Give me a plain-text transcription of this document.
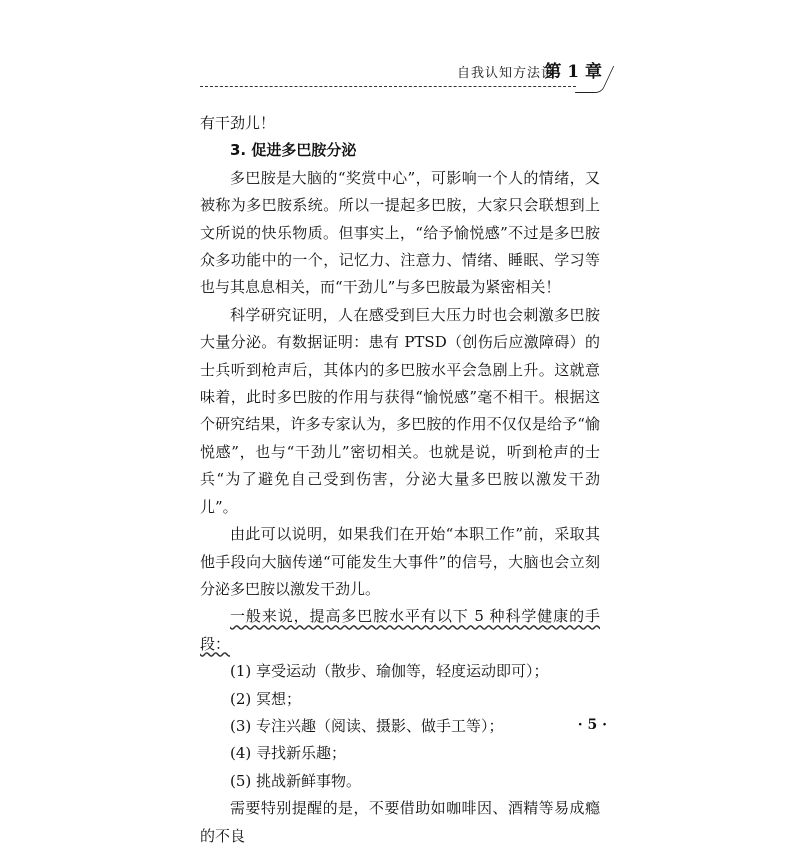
自我认知方法论
第 1 章

有干劲儿！

3. 促进多巴胺分泌

多巴胺是大脑的“奖赏中心”，可影响一个人的情绪，又被称为多巴胺系统。所以一提起多巴胺，大家只会联想到上文所说的快乐物质。但事实上，“给予愉悦感”不过是多巴胺众多功能中的一个，记忆力、注意力、情绪、睡眠、学习等也与其息息相关，而“干劲儿”与多巴胺最为紧密相关！

科学研究证明，人在感受到巨大压力时也会刺激多巴胺大量分泌。有数据证明：患有 PTSD（创伤后应激障碍）的士兵听到枪声后，其体内的多巴胺水平会急剧上升。这就意味着，此时多巴胺的作用与获得“愉悦感”毫不相干。根据这个研究结果，许多专家认为，多巴胺的作用不仅仅是给予“愉悦感”，也与“干劲儿”密切相关。也就是说，听到枪声的士兵“为了避免自己受到伤害，分泌大量多巴胺以激发干劲儿”。

由此可以说明，如果我们在开始“本职工作”前，采取其他手段向大脑传递“可能发生大事件”的信号，大脑也会立刻分泌多巴胺以激发干劲儿。

一般来说，提高多巴胺水平有以下 5 种科学健康的手段：

(1) 享受运动（散步、瑜伽等，轻度运动即可）；

(2) 冥想；

(3) 专注兴趣（阅读、摄影、做手工等）；

(4) 寻找新乐趣；

(5) 挑战新鲜事物。

需要特别提醒的是，不要借助如咖啡因、酒精等易成瘾的不良

· 5 ·
